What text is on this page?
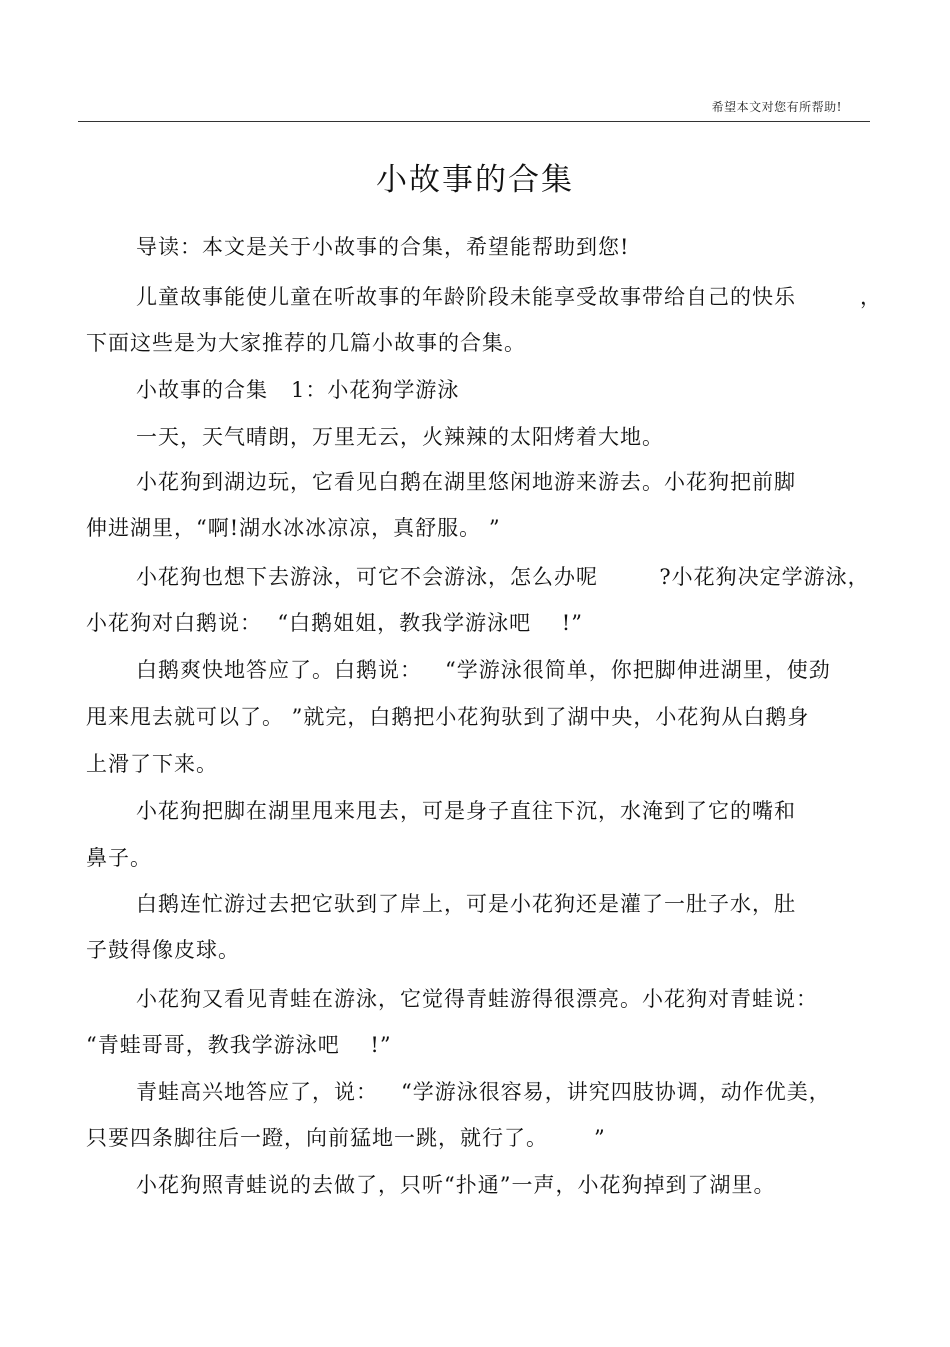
希望本文对您有所帮助!
小故事的合集
导读：本文是关于小故事的合集，希望能帮助到您!
儿童故事能使儿童在听故事的年龄阶段未能享受故事带给自己的快乐	，
下面这些是为大家推荐的几篇小故事的合集。
小故事的合集   1：小花狗学游泳
一天，天气晴朗，万里无云，火辣辣的太阳烤着大地。
小花狗到湖边玩，它看见白鹅在湖里悠闲地游来游去。小花狗把前脚
伸进湖里，“啊!湖水冰冰凉凉，真舒服。 ”
小花狗也想下去游泳，可它不会游泳，怎么办呢        ?小花狗决定学游泳，
小花狗对白鹅说：  “白鹅姐姐，教我学游泳吧    !”
白鹅爽快地答应了。白鹅说：   “学游泳很简单，你把脚伸进湖里，使劲
甩来甩去就可以了。 ”就完，白鹅把小花狗驮到了湖中央，小花狗从白鹅身
上滑了下来。
小花狗把脚在湖里甩来甩去，可是身子直往下沉，水淹到了它的嘴和
鼻子。
白鹅连忙游过去把它驮到了岸上，可是小花狗还是灌了一肚子水，肚
子鼓得像皮球。
小花狗又看见青蛙在游泳，它觉得青蛙游得很漂亮。小花狗对青蛙说：
“青蛙哥哥，教我学游泳吧    !”
青蛙高兴地答应了，说：   “学游泳很容易，讲究四肢协调，动作优美，
只要四条脚往后一蹬，向前猛地一跳，就行了。      ”
小花狗照青蛙说的去做了，只听“扑通”一声，小花狗掉到了湖里。
